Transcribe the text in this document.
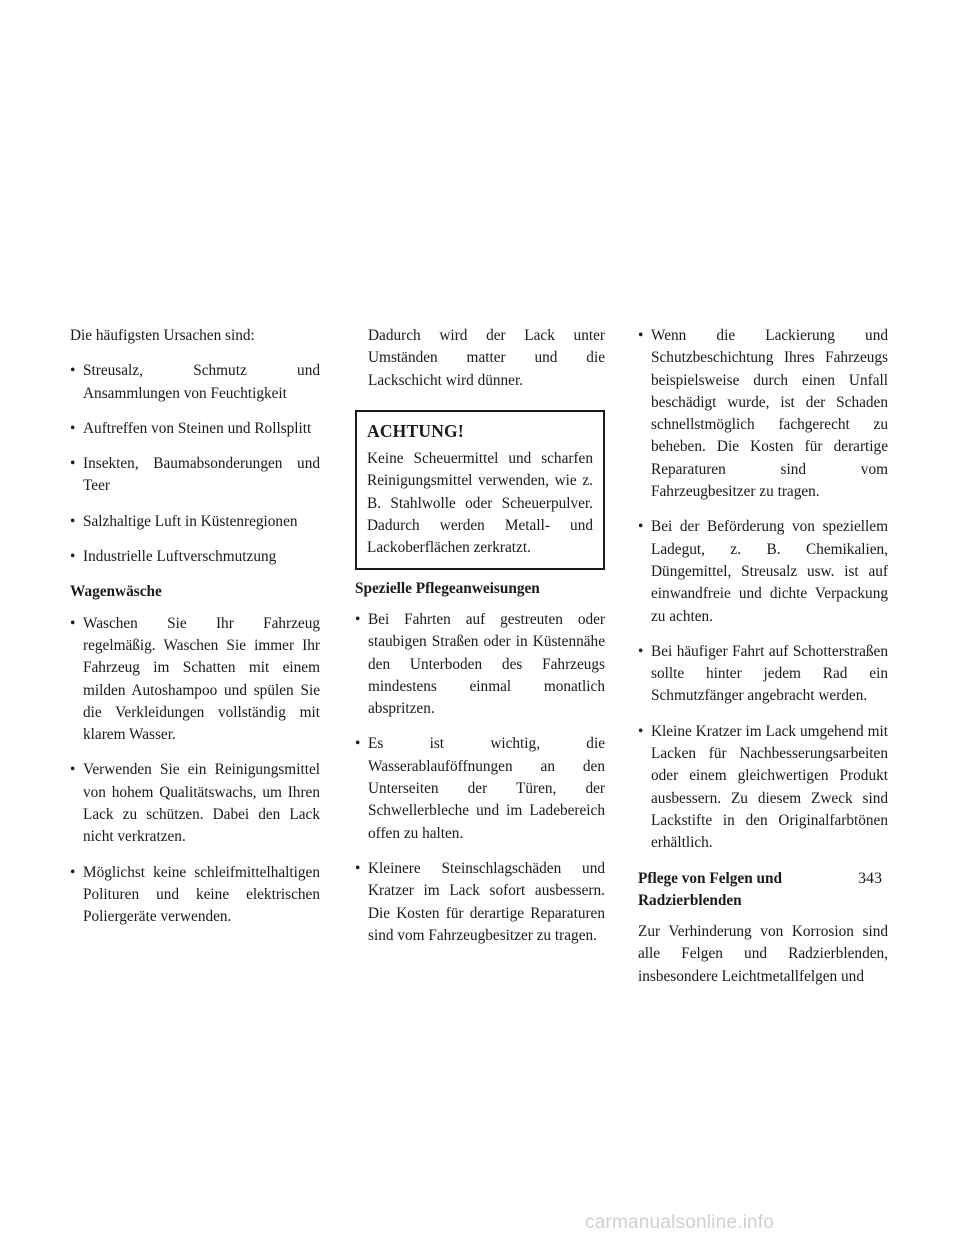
Die häufigsten Ursachen sind:

• Streusalz, Schmutz und Ansammlungen von Feuchtigkeit
• Auftreffen von Steinen und Rollsplitt
• Insekten, Baumabsonderungen und Teer
• Salzhaltige Luft in Küstenregionen
• Industrielle Luftverschmutzung

Wagenwäsche

• Waschen Sie Ihr Fahrzeug regelmäßig. Waschen Sie immer Ihr Fahrzeug im Schatten mit einem milden Autoshampoo und spülen Sie die Verkleidungen vollständig mit klarem Wasser.
• Verwenden Sie ein Reinigungsmittel von hohem Qualitätswachs, um Ihren Lack zu schützen. Dabei den Lack nicht verkratzen.
• Möglichst keine schleifmittelhaltigen Polituren und keine elektrischen Poliergeräte verwenden.

Dadurch wird der Lack unter Umständen matter und die Lackschicht wird dünner.

ACHTUNG!

Keine Scheuermittel und scharfen Reinigungsmittel verwenden, wie z. B. Stahlwolle oder Scheuerpulver. Dadurch werden Metall- und Lackoberflächen zerkratzt.

Spezielle Pflegeanweisungen

• Bei Fahrten auf gestreuten oder staubigen Straßen oder in Küstennähe den Unterboden des Fahrzeugs mindestens einmal monatlich abspritzen.
• Es ist wichtig, die Wasserablauföffnungen an den Unterseiten der Türen, der Schwellerbleche und im Ladebereich offen zu halten.
• Kleinere Steinschlagschäden und Kratzer im Lack sofort ausbessern. Die Kosten für derartige Reparaturen sind vom Fahrzeugbesitzer zu tragen.
• Wenn die Lackierung und Schutzbeschichtung Ihres Fahrzeugs beispielsweise durch einen Unfall beschädigt wurde, ist der Schaden schnellstmöglich fachgerecht zu beheben. Die Kosten für derartige Reparaturen sind vom Fahrzeugbesitzer zu tragen.
• Bei der Beförderung von speziellem Ladegut, z. B. Chemikalien, Düngemittel, Streusalz usw. ist auf einwandfreie und dichte Verpackung zu achten.
• Bei häufiger Fahrt auf Schotterstraßen sollte hinter jedem Rad ein Schmutzfänger angebracht werden.
• Kleine Kratzer im Lack umgehend mit Lacken für Nachbesserungsarbeiten oder einem gleichwertigen Produkt ausbessern. Zu diesem Zweck sind Lackstifte in den Originalfarbtönen erhältlich.

Pflege von Felgen und Radzierblenden

Zur Verhinderung von Korrosion sind alle Felgen und Radzierblenden, insbesondere Leichtmetallfelgen und

343
carmanualsonline.info
